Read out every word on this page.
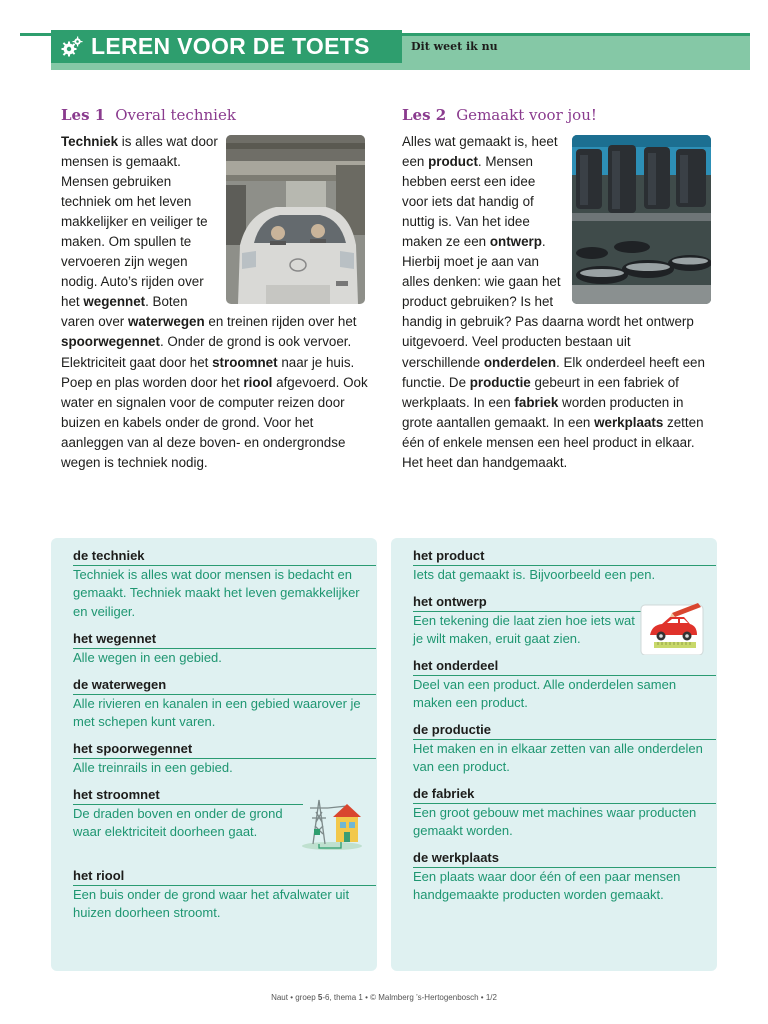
LEREN VOOR DE TOETS	Dit weet ik nu
Les 1 Overal techniek
Techniek is alles wat door mensen is gemaakt. Mensen gebruiken techniek om het leven makkelijker en veiliger te maken. Om spullen te vervoeren zijn wegen nodig. Auto’s rijden over het wegennet. Boten varen over waterwegen en treinen rijden over het spoorwegennet. Onder de grond is ook vervoer. Elektriciteit gaat door het stroomnet naar je huis. Poep en plas worden door het riool afgevoerd. Ook water en signalen voor de computer reizen door buizen en kabels onder de grond. Voor het aanleggen van al deze boven- en ondergrondse wegen is techniek nodig.
Les 2 Gemaakt voor jou!
Alles wat gemaakt is, heet een product. Mensen hebben eerst een idee voor iets dat handig of nuttig is. Van het idee maken ze een ontwerp. Hierbij moet je aan van alles denken: wie gaan het product gebruiken? Is het handig in gebruik? Pas daarna wordt het ontwerp uitgevoerd. Veel producten bestaan uit verschillende onderdelen. Elk onderdeel heeft een functie. De productie gebeurt in een fabriek of werkplaats. In een fabriek worden producten in grote aantallen gemaakt. In een werkplaats zetten één of enkele mensen een heel product in elkaar. Het heet dan handgemaakt.
de techniek
Techniek is alles wat door mensen is bedacht en gemaakt. Techniek maakt het leven gemakkelijker en veiliger.
het wegennet
Alle wegen in een gebied.
de waterwegen
Alle rivieren en kanalen in een gebied waarover je met schepen kunt varen.
het spoorwegennet
Alle treinrails in een gebied.
het stroomnet
De draden boven en onder de grond waar elektriciteit doorheen gaat.
het riool
Een buis onder de grond waar het afvalwater uit huizen doorheen stroomt.
het product
Iets dat gemaakt is. Bijvoorbeeld een pen.
het ontwerp
Een tekening die laat zien hoe iets wat je wilt maken, eruit gaat zien.
het onderdeel
Deel van een product. Alle onderdelen samen maken een product.
de productie
Het maken en in elkaar zetten van alle onderdelen van een product.
de fabriek
Een groot gebouw met machines waar producten gemaakt worden.
de werkplaats
Een plaats waar door één of een paar mensen handgemaakte producten worden gemaakt.
Naut • groep 5-6, thema 1 • © Malmberg ’s-Hertogenbosch • 1/2
